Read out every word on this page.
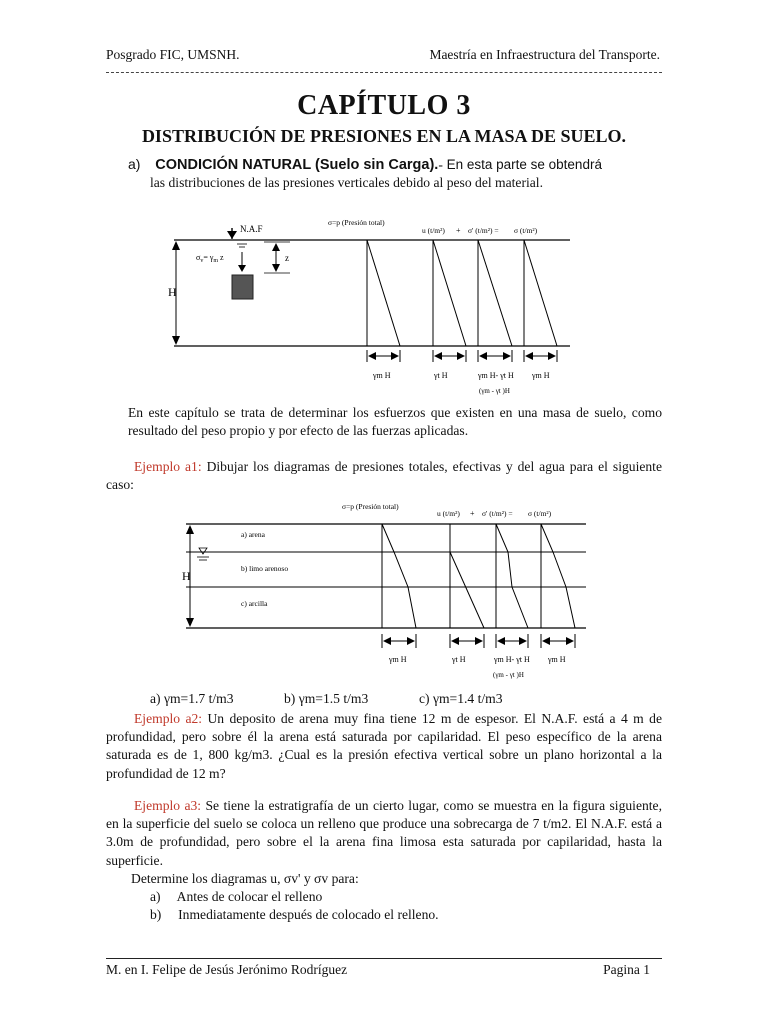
Posgrado FIC, UMSNH.	Maestría en Infraestructura del Transporte.
CAPÍTULO 3
DISTRIBUCIÓN DE PRESIONES EN LA MASA DE SUELO.
a) CONDICIÓN NATURAL (Suelo sin Carga).- En esta parte se obtendrá
las distribuciones de las presiones verticales debido al peso del material.
H
N.A.F
$\sigma_v= \gamma_m$ z	z
σ=p (Presión total)
u (t/m²) + σ' (t/m²) = σ (t/m²)
γm H	γt H	γm H- γt H
(γm - γt )H
γm H
En este capítulo se trata de determinar los esfuerzos que existen en una masa de suelo, como resultado del peso propio y por efecto de las fuerzas aplicadas.
Ejemplo a1: Dibujar los diagramas de presiones totales, efectivas y del agua para el siguiente caso:
H
a) arena
b) limo arenoso
c) arcilla
σ=p (Presión total)
u (t/m²) + σ' (t/m²) = σ (t/m²)
γm H	γt H	γm H- γt H
(γm - γt )H
γm H
a) γm=1.7 t/m3	b) γm=1.5 t/m3	c) γm=1.4 t/m3
Ejemplo a2: Un deposito de arena muy fina tiene 12 m de espesor. El N.A.F. está a 4 m de profundidad, pero sobre él la arena está saturada por capilaridad. El peso específico de la arena saturada es de 1, 800 kg/m3. ¿Cual es la presión efectiva vertical sobre un plano horizontal a la profundidad de 12 m?
Ejemplo a3: Se tiene la estratigrafía de un cierto lugar, como se muestra en la figura siguiente, en la superficie del suelo se coloca un relleno que produce una sobrecarga de 7 t/m2. El N.A.F. está a 3.0m de profundidad, pero sobre el la arena fina limosa esta saturada por capilaridad, hasta la superficie.
Determine los diagramas u, σv' y σv para:
a) Antes de colocar el relleno
b) Inmediatamente después de colocado el relleno.
M. en I. Felipe de Jesús Jerónimo Rodríguez	Pagina 1
